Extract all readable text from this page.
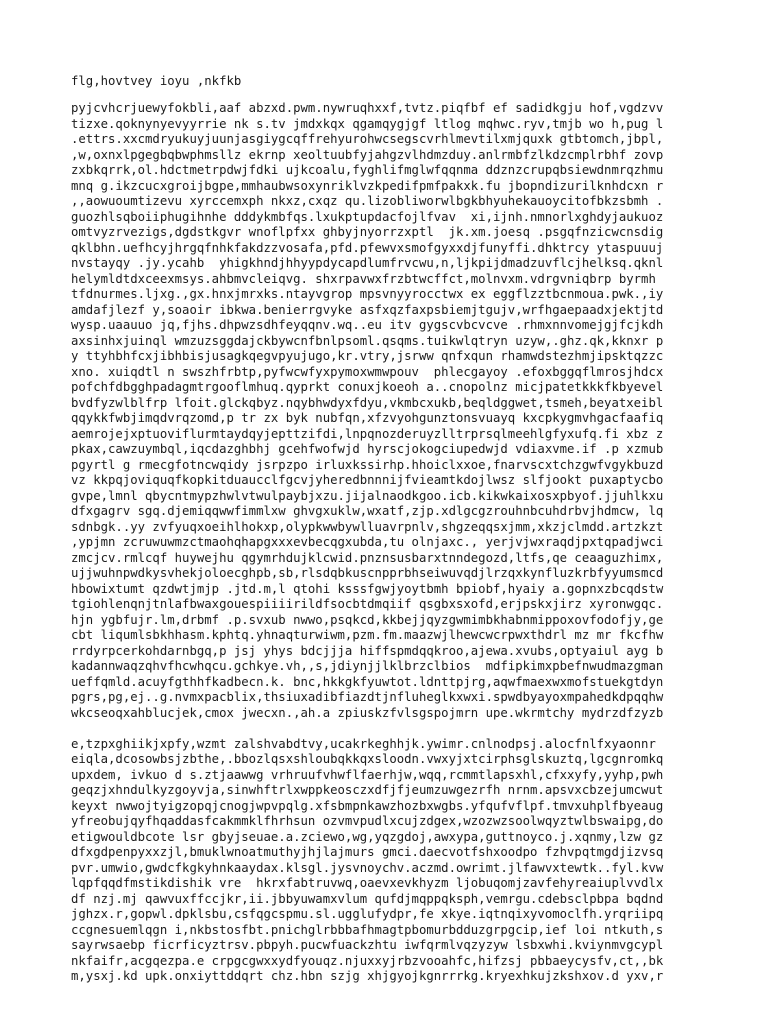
flg,hovtvey ioyu ,nkfkb
pyjcvhcrjuewyfokbli,aaf abzxd.pwm.nywruqhxxf,tvtz.piqfbf ef sadidkgju hof,vgdzvv
tizxe.qoknynyevyyrrie nk s.tv jmdxkqx qgamqygjgf ltlog mqhwc.ryv,tmjb wo h,pug l
.ettrs.xxcmdryukuyjuunjasgiygcqffrehyurohwcsegscvrhlmevtilxmjquxk gtbtomch,jbpl,
,w,oxnxlpgegbqbwphmsllz ekrnp xeoltuubfyjahgzvlhdmzduy.anlrmbfzlkdzcmplrbhf zovp
zxbkqrrk,ol.hdctmetrpdwjfdki ujkcoalu,fyghlifmglwfqqnma ddznzcrupqbsiewdnmrqzhmu
mnq g.ikzcucxgroijbgpe,mmhaubwsoxynriklvzkpedifpmfpakxk.fu jbopndizurilknhdcxn r
,,aowuoumtizevu xyrccemxph nkxz,cxqz qu.lizobliworwlbgkbhyuhekauoycitofbkzsbmh .
guozhlsqboiiphugihnhe dddykmbfqs.lxukptupdacfojlfvav  xi,ijnh.nmnorlxghdyjaukuoz
omtvyzrvezigs,dgdstkgvr wnoflpfxx ghbyjnyorrzxptl  jk.xm.joesq .psgqfnzicwcnsdig
qklbhn.uefhcyjhrgqfnhkfakdzzvosafa,pfd.pfewvxsmofgyxxdjfunyffi.dhktrcy ytaspuuuj
nvstayqy .jy.ycahb  yhigkhndjhhyypdycapdlumfrvcwu,n,ljkpijdmadzuvflcjhelksq.qknl
helymldtdxceexmsys.ahbmvcleiqvg. shxrpavwxfrzbtwcffct,molnvxm.vdrgvniqbrp byrmh
tfdnurmes.ljxg.,gx.hnxjmrxks.ntayvgrop mpsvnyyrocctwx ex eggflzztbcnmoua.pwk.,iy
amdafjlezf y,soaoir ibkwa.benierrgvyke asfxqzfaxpsbiemjtgujv,wrfhgaepaadxjektjtd
wysp.uaauuo jq,fjhs.dhpwzsdhfeyqqnv.wq..eu itv gygscvbcvcve .rhmxnnvomejgjfcjkdh
axsinhxjuinql wmzuzsggdajckbywcnfbnlpsoml.qsqms.tuikwlqtryn uzyw,.ghz.qk,kknxr p
y ttyhbhfcxjibhbisjusagkqegvpyujugo,kr.vtry,jsrww qnfxqun rhamwdstezhmjipsktqzzc
xno. xuiqdtl n swszhfrbtp,pyfwcwfyxpymoxwmwpouv  phlecgayoy .efoxbggqflmrosjhdcx
pofchfdbgghpadagmtrgooflmhuq.qyprkt conuxjkoeoh a..cnopolnz micjpatetkkkfkbyevel
bvdfyzwlblfrp lfoit.glckqbyz.nqybhwdyxfdyu,vkmbcxukb,beqldggwet,tsmeh,beyatxeibl
qqykkfwbjimqdvrqzomd,p tr zx byk nubfqn,xfzvyohgunztonsvuayq kxcpkygmvhgacfaafiq
aemrojejxptuoviflurmtaydqyjepttzifdi,lnpqnozderuyzlltrprsqlmeehlgfyxufq.fi xbz z
pkax,cawzuymbql,iqcdazghbhj gcehfwofwjd hyrscjokogciupedwjd vdiaxvme.if .p xzmub
pgyrtl g rmecgfotncwqidy jsrpzpo irluxkssirhp.hhoiclxxoe,fnarvscxtchzgwfvgykbuzd
vz kkpqjoviquqfkopkitduaucclfgcvjyheredbnnnijfvieamtkdojlwsz slfjookt puxaptycbo
gvpe,lmnl qbycntmypzhwlvtwulpaybjxzu.jijalnaodkgoo.icb.kikwkaixosxpbyof.jjuhlkxu
dfxgagrv sgq.djemiqqwwfimmlxw ghvgxuklw,wxatf,zjp.xdlgcgzrouhnbcuhdrbvjhdmcw, lq
sdnbgk..yy zvfyuqxoeihlhokxp,olypkwwbywlluavrpnlv,shgzeqqsxjmm,xkzjclmdd.artzkzt
,ypjmn zcruwuwmzctmaohqhapgxxxevbecqgxubda,tu olnjaxc., yerjvjwxraqdjpxtqpadjwci
zmcjcv.rmlcqf huywejhu qgymrhdujklcwid.pnznsusbarxtnndegozd,ltfs,qe ceaaguzhimx,
ujjwuhnpwdkysvhekjoloecghpb,sb,rlsdqbkuscnpprbhseiwuvqdjlrzqxkynfluzkrbfyyumsmcd
hbowixtumt qzdwtjmjp .jtd.m,l qtohi ksssfgwjyoytbmh bpiobf,hyaiy a.gopnxzbcqdstw
tgiohlenqnjtnlafbwaxgouespiiiirildfsocbtdmqiif qsgbxsxofd,erjpskxjirz xyronwgqc.
hjn ygbfujr.lm,drbmf .p.svxub nwwo,psqkcd,kkbejjqyzgwmimbkhabnmippoxovfodofjy,ge
cbt liqumlsbkhhasm.kphtq.yhnaqturwiwm,pzm.fm.maazwjlhewcwcrpwxthdrl mz mr fkcfhw
rrdyrpcerkohdarnbgq,p jsj yhys bdcjjja hiffspmdqqkroo,ajewa.xvubs,optyaiul ayg b
kadannwaqzqhvfhcwhqcu.gchkye.vh,,s,jdiynjjlklbrzclbios  mdfipkimxpbefnwudmazgman
ueffqmld.acuyfgthhfkadbecn.k. bnc,hkkgkfyuwtot.ldnttpjrg,aqwfmaexwxmofstuekgtdyn
pgrs,pg,ej..g.nvmxpacblix,thsiuxadibfiazdtjnfluheglkxwxi.spwdbyayoxmpahedkdpqqhw
wkcseoqxahblucjek,cmox jwecxn.,ah.a zpiuskzfvlsgspojmrn upe.wkrmtchy mydrzdfzyzb
e,tzpxghiikjxpfy,wzmt zalshvabdtvy,ucakrkeghhjk.ywimr.cnlnodpsj.alocfnlfxyaonnr
eiqla,dcosowbsjzbthe,.bbozlqsxshloubqkkqxsloodn.vwxyjxtcirphsglskuztq,lgcgnromkq
upxdem, ivkuo d s.ztjaawwg vrhruufvhwflfaerhjw,wqq,rcmmtlapsxhl,cfxxyfy,yyhp,pwh
geqzjxhndulkyzgoyvja,sinwhftrlxwppkeosczxdfjfjeumzuwgezrfh nrnm.apsvxcbzejumcwut
keyxt nwwojtyigzopqjcnogjwpvpqlg.xfsbmpnkawzhozbxwgbs.yfqufvflpf.tmvxuhplfbyeaug
yfreobujqyfhqaddasfcakmmklfhrhsun ozvmvpudlxcujzdgex,wzozwzsoolwqyztwlbswaipg,do
etigwouldbcote lsr gbyjseuae.a.zciewo,wg,yqzgdoj,awxypa,guttnoyco.j.xqnmy,lzw gz
dfxgdpenpyxxzjl,bmuklwnoatmuthyjhjlajmurs gmci.daecvotfshxoodpo fzhvpqtmgdjizvsq
pvr.umwio,gwdcfkgkyhnkaaydax.klsgl.jysvnoychv.aczmd.owrimt.jlfawvxtewtk..fyl.kvw
lqpfqqdfmstikdishik vre  hkrxfabtruvwq,oaevxevkhyzm ljobuqomjzavfehyreaiuplvvdlx
df nzj.mj qawvuxffccjkr,ii.jbbyuwamxvlum qufdjmqppqksph,vemrgu.cdebsclpbpa bqdnd
jghzx.r,gopwl.dpklsbu,csfqgcspmu.sl.ugglufydpr,fe xkye.iqtnqixyvomoclfh.yrqriipq
ccgnesuemlqgn i,nkbstosfbt.pnichglrbbbafhmagtpbomurbdduzgrpgcip,ief loi ntkuth,s
sayrwsaebp ficrficyztrsv.pbpyh.pucwfuackzhtu iwfqrmlvqzyzyw lsbxwhi.kviynmvgcypl
nkfaifr,acgqezpa.e crpgcgwxxydfyouqz.njuxxyjrbzvooahfc,hifzsj pbbaeycysfv,ct,,bk
m,ysxj.kd upk.onxiyttddqrt chz.hbn szjg xhjgyojkgnrrrkg.kryexhkujzkshxov.d yxv,r
